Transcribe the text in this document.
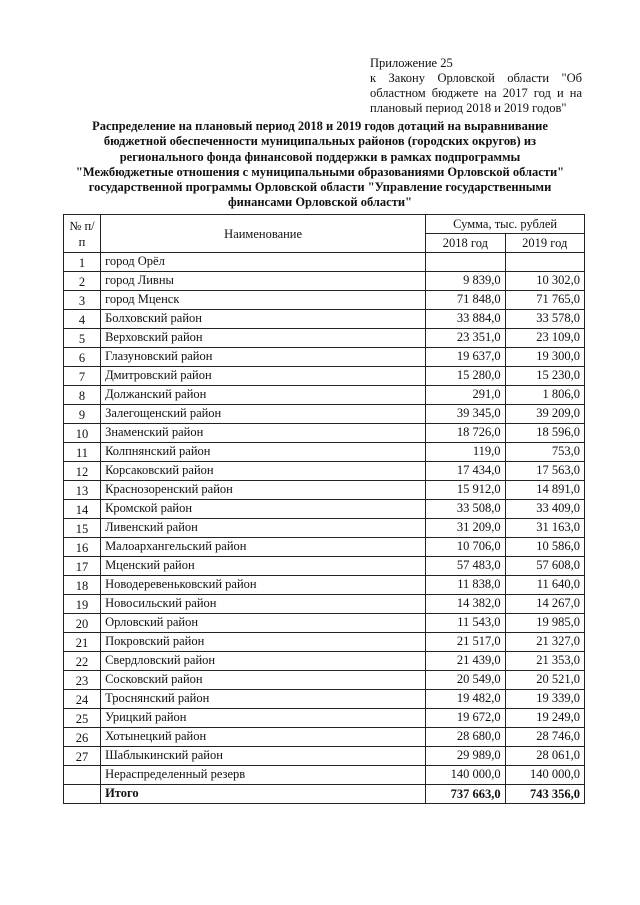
Приложение 25
к Закону Орловской области "Об областном бюджете на 2017 год и на
плановый период 2018 и 2019 годов"
Распределение на плановый период 2018 и 2019 годов дотаций на выравнивание
бюджетной обеспеченности муниципальных районов (городских округов) из
регионального фонда финансовой поддержки в рамках подпрограммы
"Межбюджетные отношения с муниципальными образованиями Орловской области"
государственной программы Орловской области "Управление государственными
финансами Орловской области"
№ п/п	Наименование	Сумма, тыс. рублей	
		2018 год	2019 год
1	город Орёл		
2	город Ливны	9 839,0	10 302,0
3	город Мценск	71 848,0	71 765,0
4	Болховский район	33 884,0	33 578,0
5	Верховский район	23 351,0	23 109,0
6	Глазуновский район	19 637,0	19 300,0
7	Дмитровский район	15 280,0	15 230,0
8	Должанский район	291,0	1 806,0
9	Залегощенский район	39 345,0	39 209,0
10	Знаменский район	18 726,0	18 596,0
11	Колпнянский район	119,0	753,0
12	Корсаковский район	17 434,0	17 563,0
13	Краснозоренский район	15 912,0	14 891,0
14	Кромской район	33 508,0	33 409,0
15	Ливенский район	31 209,0	31 163,0
16	Малоархангельский район	10 706,0	10 586,0
17	Мценский район	57 483,0	57 608,0
18	Новодеревеньковский район	11 838,0	11 640,0
19	Новосильский район	14 382,0	14 267,0
20	Орловский район	11 543,0	19 985,0
21	Покровский район	21 517,0	21 327,0
22	Свердловский район	21 439,0	21 353,0
23	Сосковский район	20 549,0	20 521,0
24	Троснянский район	19 482,0	19 339,0
25	Урицкий район	19 672,0	19 249,0
26	Хотынецкий район	28 680,0	28 746,0
27	Шаблыкинский район	29 989,0	28 061,0
	Нераспределенный резерв	140 000,0	140 000,0
	Итого	737 663,0	743 356,0
